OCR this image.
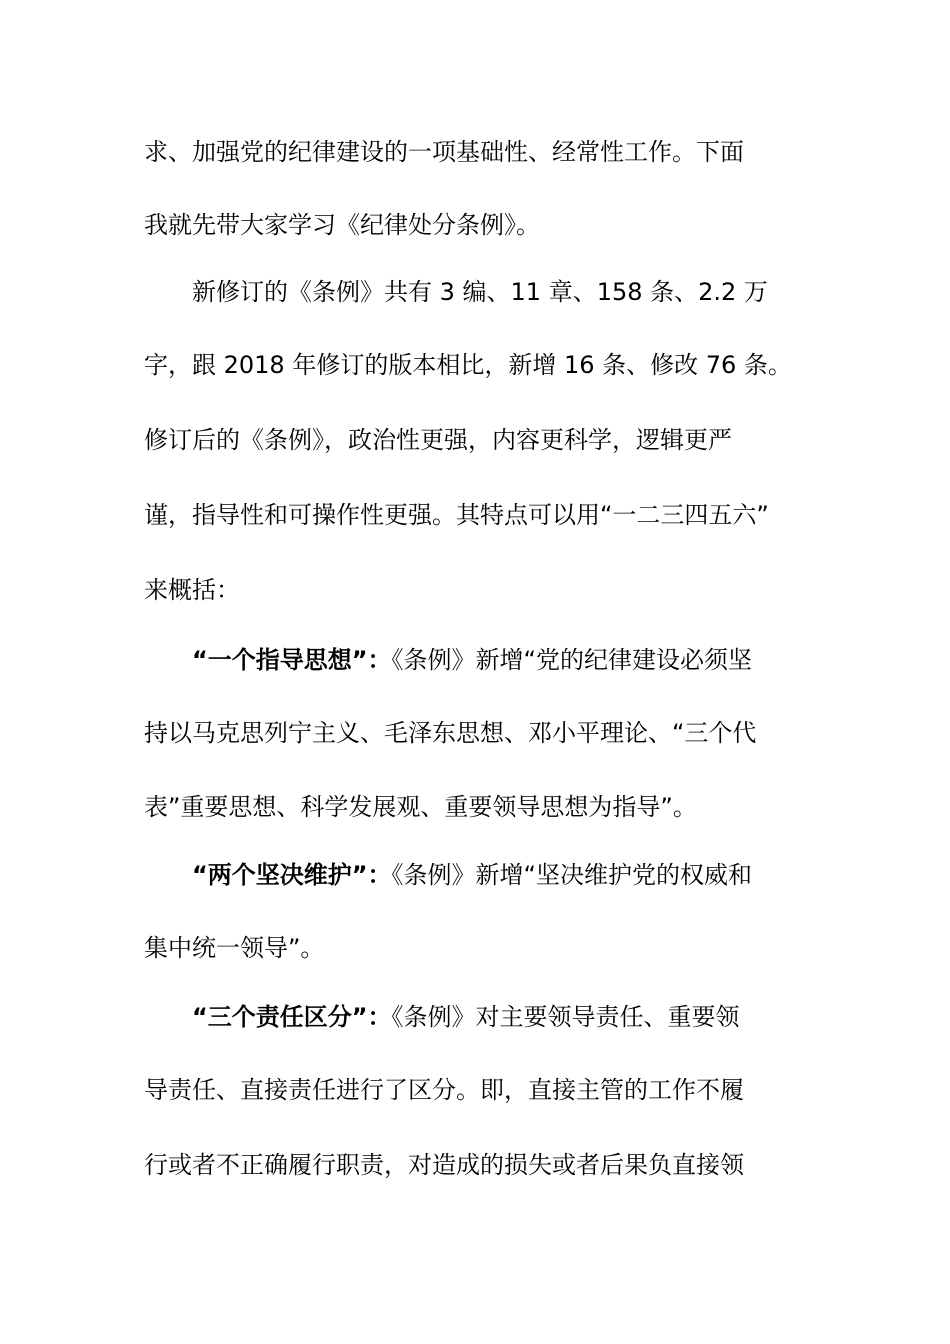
求、加强党的纪律建设的一项基础性、经常性工作。下面
我就先带大家学习《纪律处分条例》。
新修订的《条例》共有 3 编、11 章、158 条、2.2 万
字，跟 2018 年修订的版本相比，新增 16 条、修改 76 条。
修订后的《条例》，政治性更强，内容更科学，逻辑更严
谨，指导性和可操作性更强。其特点可以用“一二三四五六”
来概括：
“一个指导思想”：《条例》新增“党的纪律建设必须坚
持以马克思列宁主义、毛泽东思想、邓小平理论、“三个代
表”重要思想、科学发展观、重要领导思想为指导”。
“两个坚决维护”：《条例》新增“坚决维护党的权威和
集中统一领导”。
“三个责任区分”：《条例》对主要领导责任、重要领
导责任、直接责任进行了区分。即，直接主管的工作不履
行或者不正确履行职责，对造成的损失或者后果负直接领
